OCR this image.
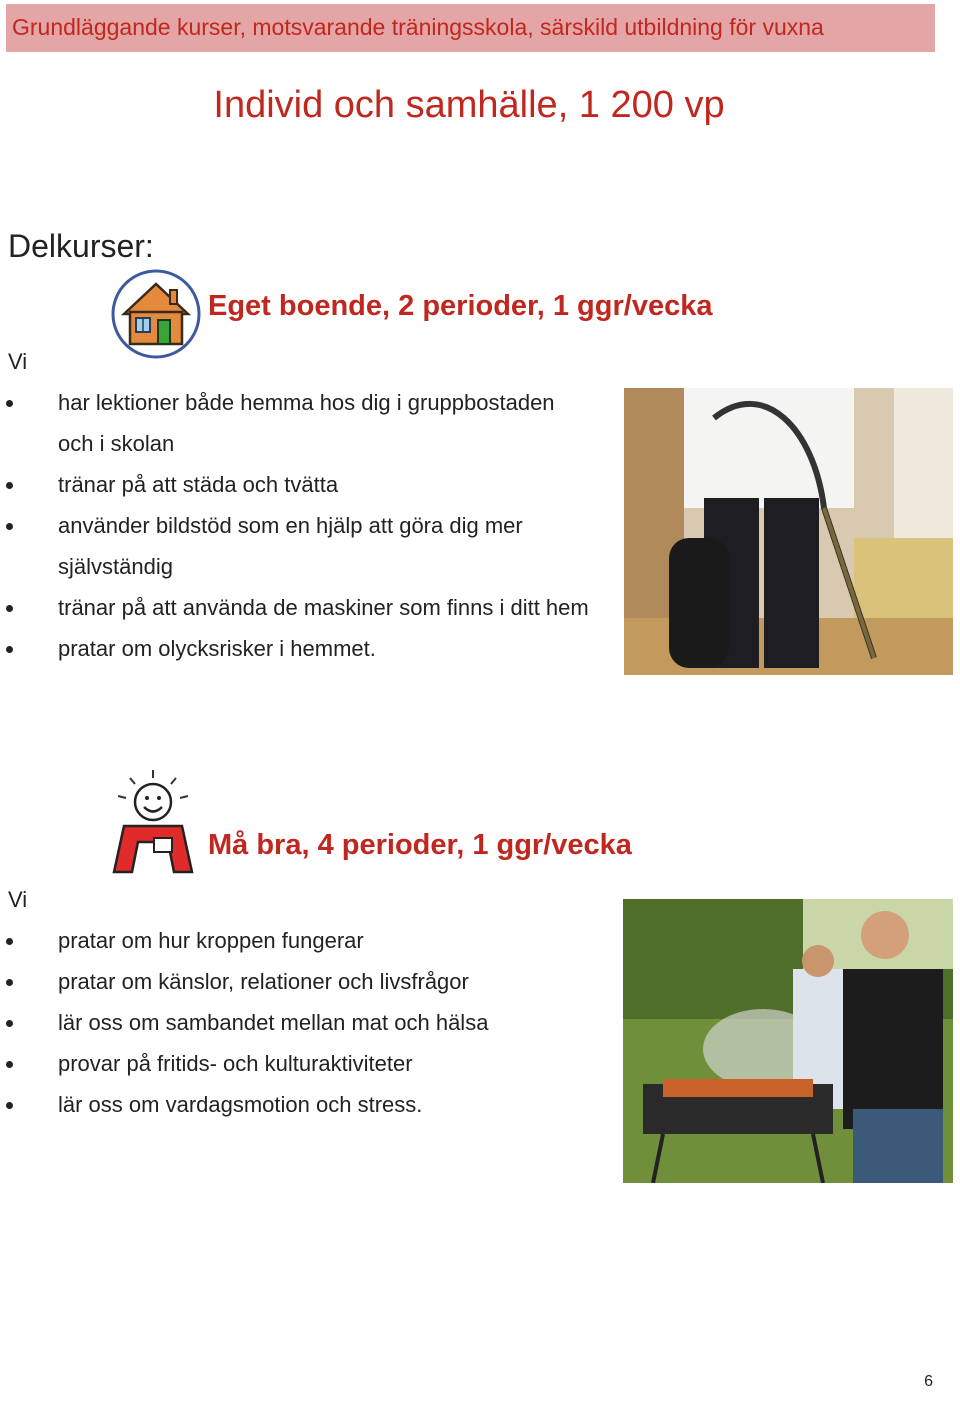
Grundläggande kurser, motsvarande träningsskola, särskild utbildning för vuxna
Individ och samhälle, 1 200 vp
Delkurser:
Eget boende, 2 perioder, 1 ggr/vecka
Vi
har lektioner både hemma hos dig i gruppbostaden
och i skolan
tränar på att städa och tvätta
använder bildstöd som en hjälp att göra dig mer
självständig
tränar på att använda de maskiner som finns i ditt hem
pratar om olycksrisker i hemmet.
Må bra, 4 perioder, 1 ggr/vecka
Vi
pratar om hur kroppen fungerar
pratar om känslor, relationer och livsfrågor
lär oss om sambandet mellan mat och hälsa
provar på fritids- och kulturaktiviteter
lär oss om vardagsmotion och stress.
6
